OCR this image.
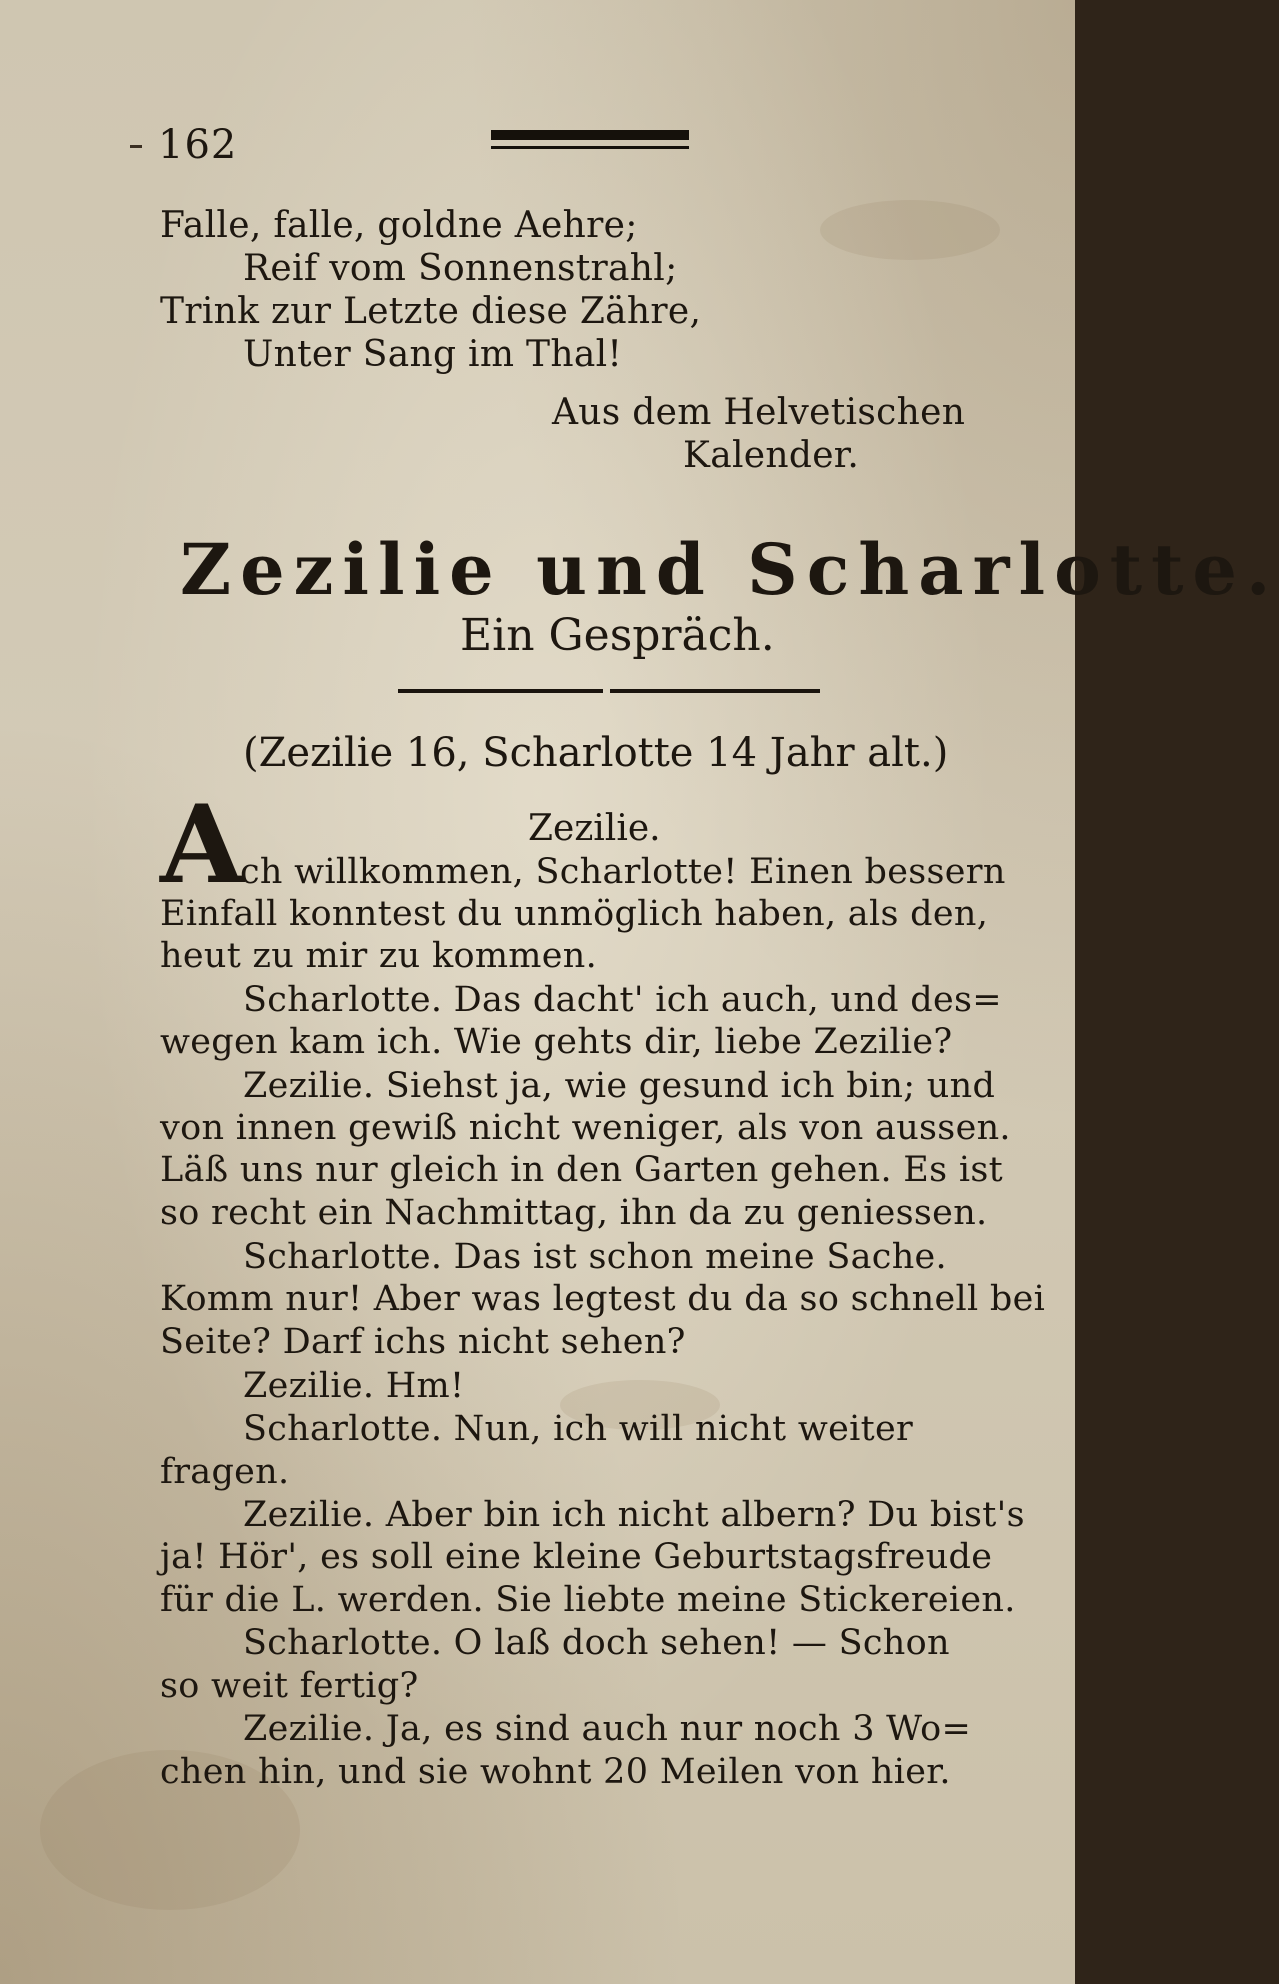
162
Falle, falle, goldne Aehre;
Reif vom Sonnenstrahl;
Trink zur Letzte diese Zähre,
Unter Sang im Thal!
Aus dem Helvetischen
Kalender.
Zezilie und Scharlotte.
Ein Gespräch.
(Zezilie 16, Scharlotte 14 Jahr alt.)
A	Zezilie.
ch willkommen, Scharlotte! Einen bessern
Einfall konntest du unmöglich haben, als den,
heut zu mir zu kommen.
Scharlotte. Das dacht' ich auch, und des=
wegen kam ich. Wie gehts dir, liebe Zezilie?
Zezilie. Siehst ja, wie gesund ich bin; und
von innen gewiß nicht weniger, als von aussen.
Läß uns nur gleich in den Garten gehen. Es ist
so recht ein Nachmittag, ihn da zu geniessen.
Scharlotte. Das ist schon meine Sache.
Komm nur! Aber was legtest du da so schnell bei
Seite? Darf ichs nicht sehen?
Zezilie. Hm!
Scharlotte. Nun, ich will nicht weiter
fragen.
Zezilie. Aber bin ich nicht albern? Du bist's
ja! Hör', es soll eine kleine Geburtstagsfreude
für die L. werden. Sie liebte meine Stickereien.
Scharlotte. O laß doch sehen! — Schon
so weit fertig?
Zezilie. Ja, es sind auch nur noch 3 Wo=
chen hin, und sie wohnt 20 Meilen von hier.
